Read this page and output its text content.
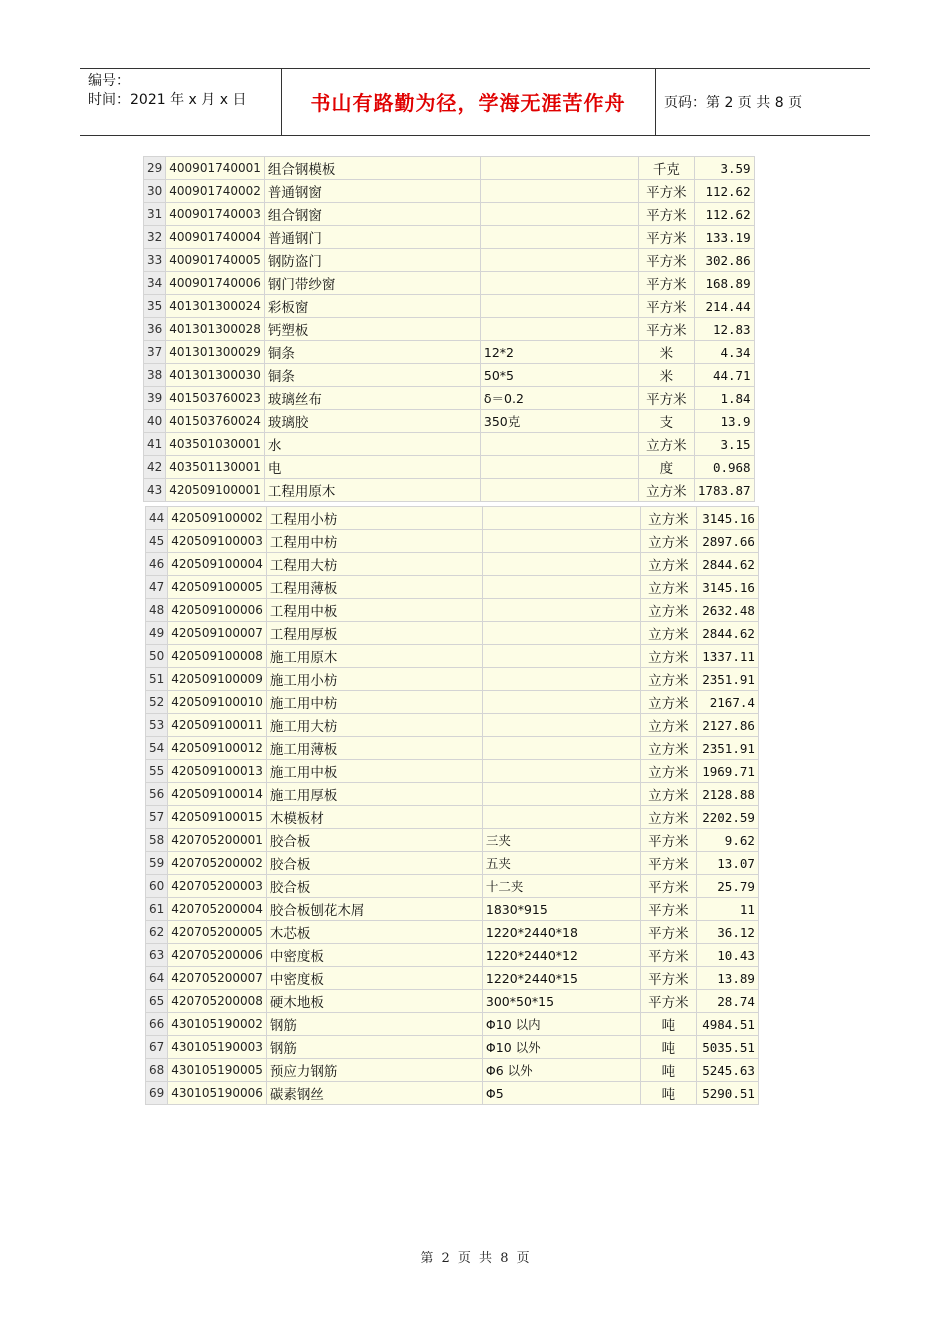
编号：
时间：2021 年 x 月 x 日	书山有路勤为径，学海无涯苦作舟	页码：第 2 页 共 8 页
29	400901740001	组合钢模板		千克	3.59
30	400901740002	普通钢窗		平方米	112.62
31	400901740003	组合钢窗		平方米	112.62
32	400901740004	普通钢门		平方米	133.19
33	400901740005	钢防盗门		平方米	302.86
34	400901740006	钢门带纱窗		平方米	168.89
35	401301300024	彩板窗		平方米	214.44
36	401301300028	钙塑板		平方米	12.83
37	401301300029	铜条	12*2	米	4.34
38	401301300030	铜条	50*5	米	44.71
39	401503760023	玻璃丝布	δ＝0.2	平方米	1.84
40	401503760024	玻璃胶	350克	支	13.9
41	403501030001	水		立方米	3.15
42	403501130001	电		度	0.968
43	420509100001	工程用原木		立方米	1783.87
44	420509100002	工程用小枋		立方米	3145.16
45	420509100003	工程用中枋		立方米	2897.66
46	420509100004	工程用大枋		立方米	2844.62
47	420509100005	工程用薄板		立方米	3145.16
48	420509100006	工程用中板		立方米	2632.48
49	420509100007	工程用厚板		立方米	2844.62
50	420509100008	施工用原木		立方米	1337.11
51	420509100009	施工用小枋		立方米	2351.91
52	420509100010	施工用中枋		立方米	2167.4
53	420509100011	施工用大枋		立方米	2127.86
54	420509100012	施工用薄板		立方米	2351.91
55	420509100013	施工用中板		立方米	1969.71
56	420509100014	施工用厚板		立方米	2128.88
57	420509100015	木模板材		立方米	2202.59
58	420705200001	胶合板	三夹	平方米	9.62
59	420705200002	胶合板	五夹	平方米	13.07
60	420705200003	胶合板	十二夹	平方米	25.79
61	420705200004	胶合板刨花木屑	1830*915	平方米	11
62	420705200005	木芯板	1220*2440*18	平方米	36.12
63	420705200006	中密度板	1220*2440*12	平方米	10.43
64	420705200007	中密度板	1220*2440*15	平方米	13.89
65	420705200008	硬木地板	300*50*15	平方米	28.74
66	430105190002	钢筋	Φ10 以内	吨	4984.51
67	430105190003	钢筋	Φ10 以外	吨	5035.51
68	430105190005	预应力钢筋	Φ6 以外	吨	5245.63
69	430105190006	碳素钢丝	Φ5	吨	5290.51
第 2 页 共 8 页
